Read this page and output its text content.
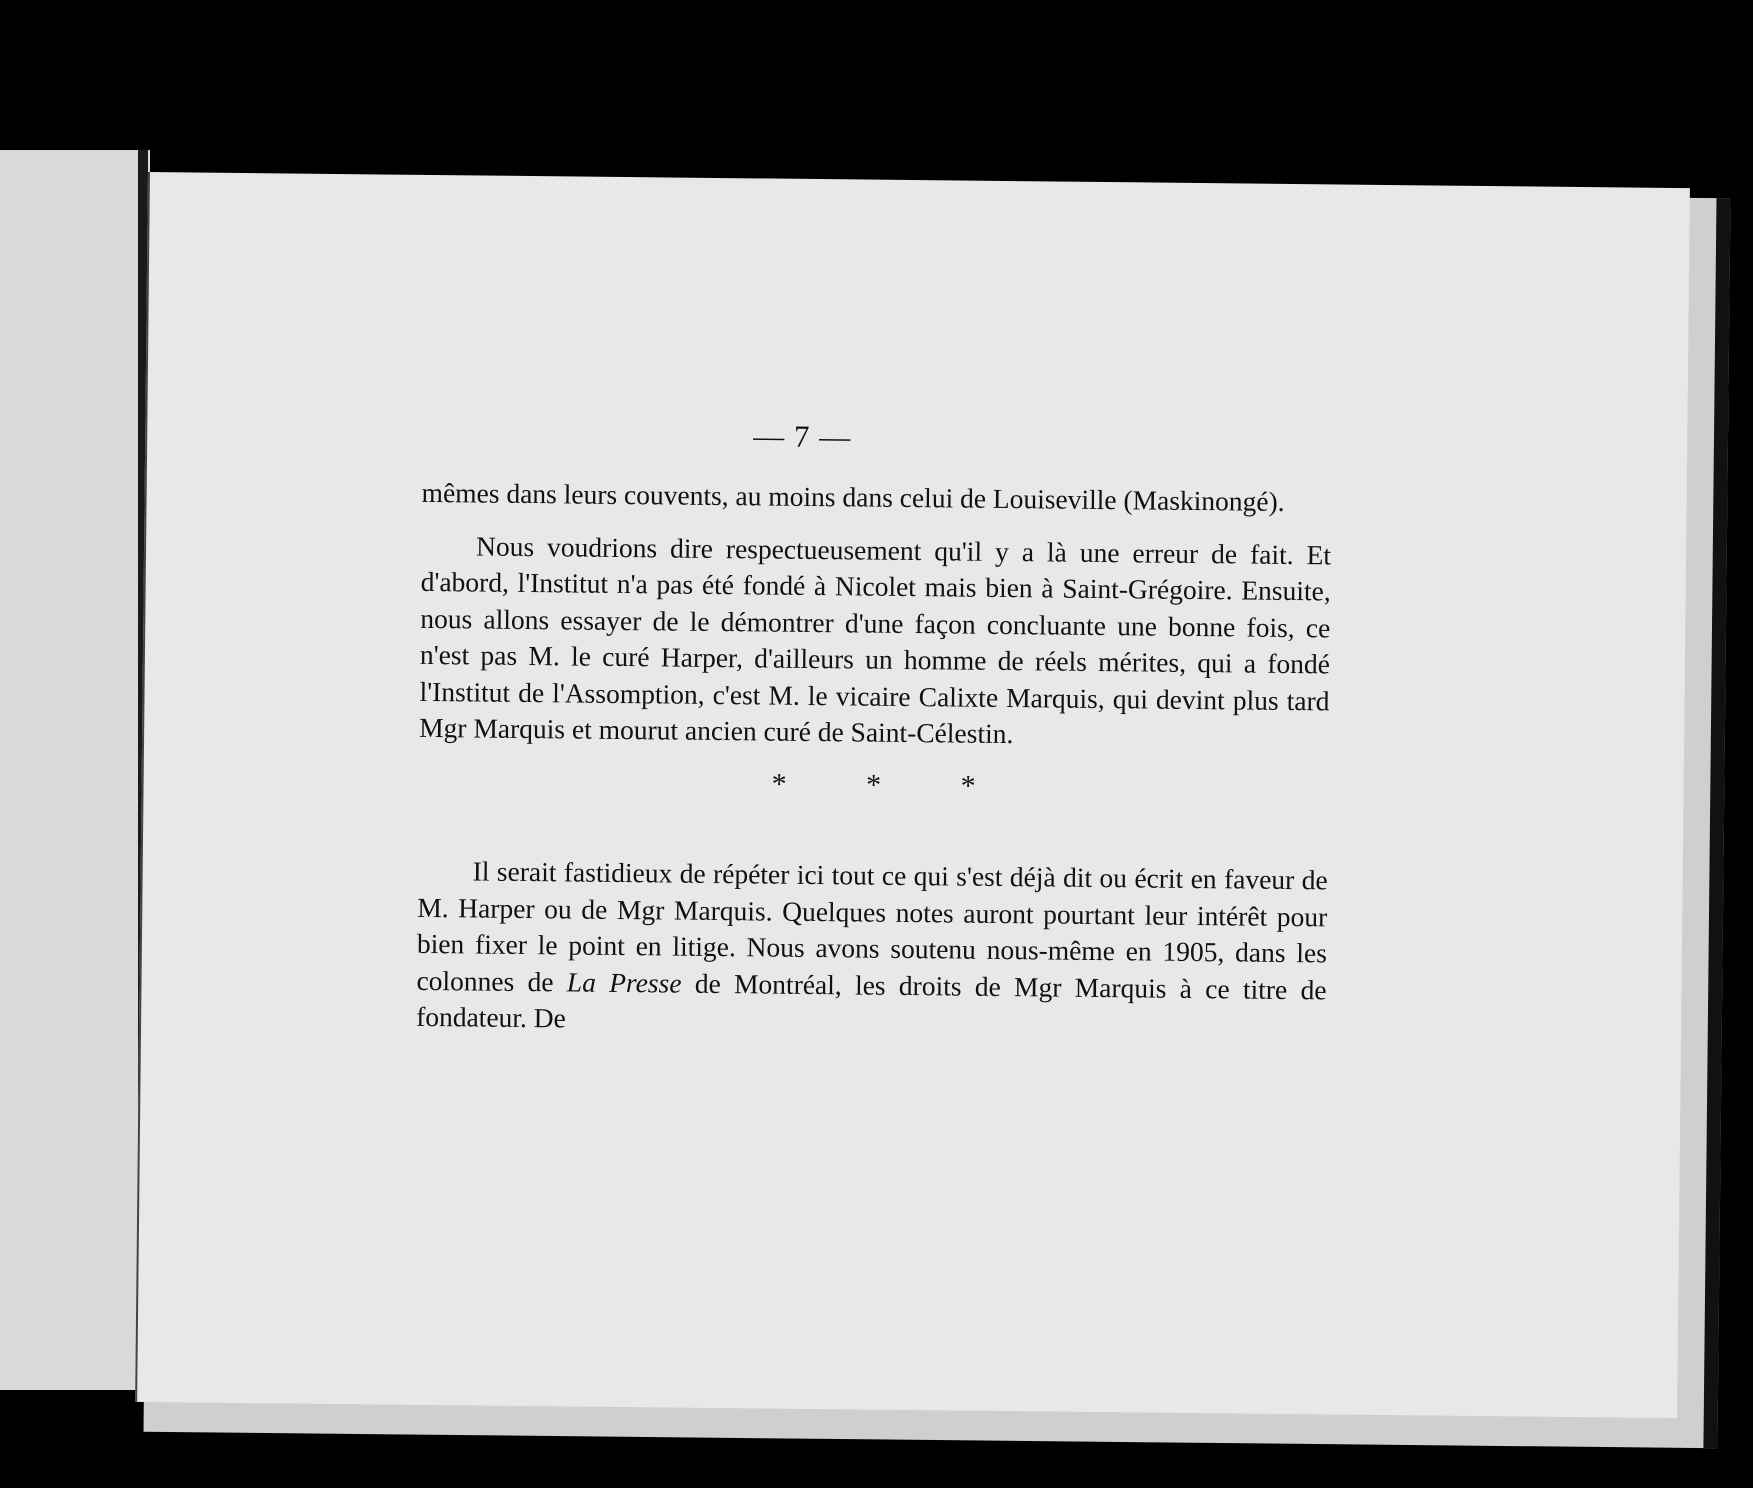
— 7 —

mêmes dans leurs couvents, au moins dans celui de Louiseville (Maskinongé).

Nous voudrions dire respectueusement qu'il y a là une erreur de fait. Et d'abord, l'Institut n'a pas été fondé à Nicolet mais bien à Saint-Grégoire. Ensuite, nous allons essayer de le démontrer d'une façon concluante une bonne fois, ce n'est pas M. le curé Harper, d'ailleurs un homme de réels mérites, qui a fondé l'Institut de l'Assomption, c'est M. le vicaire Calixte Marquis, qui devint plus tard Mgr Marquis et mourut ancien curé de Saint-Célestin.

* * *

Il serait fastidieux de répéter ici tout ce qui s'est déjà dit ou écrit en faveur de M. Harper ou de Mgr Marquis. Quelques notes auront pourtant leur intérêt pour bien fixer le point en litige. Nous avons soutenu nous-même en 1905, dans les colonnes de La Presse de Montréal, les droits de Mgr Marquis à ce titre de fondateur. De
